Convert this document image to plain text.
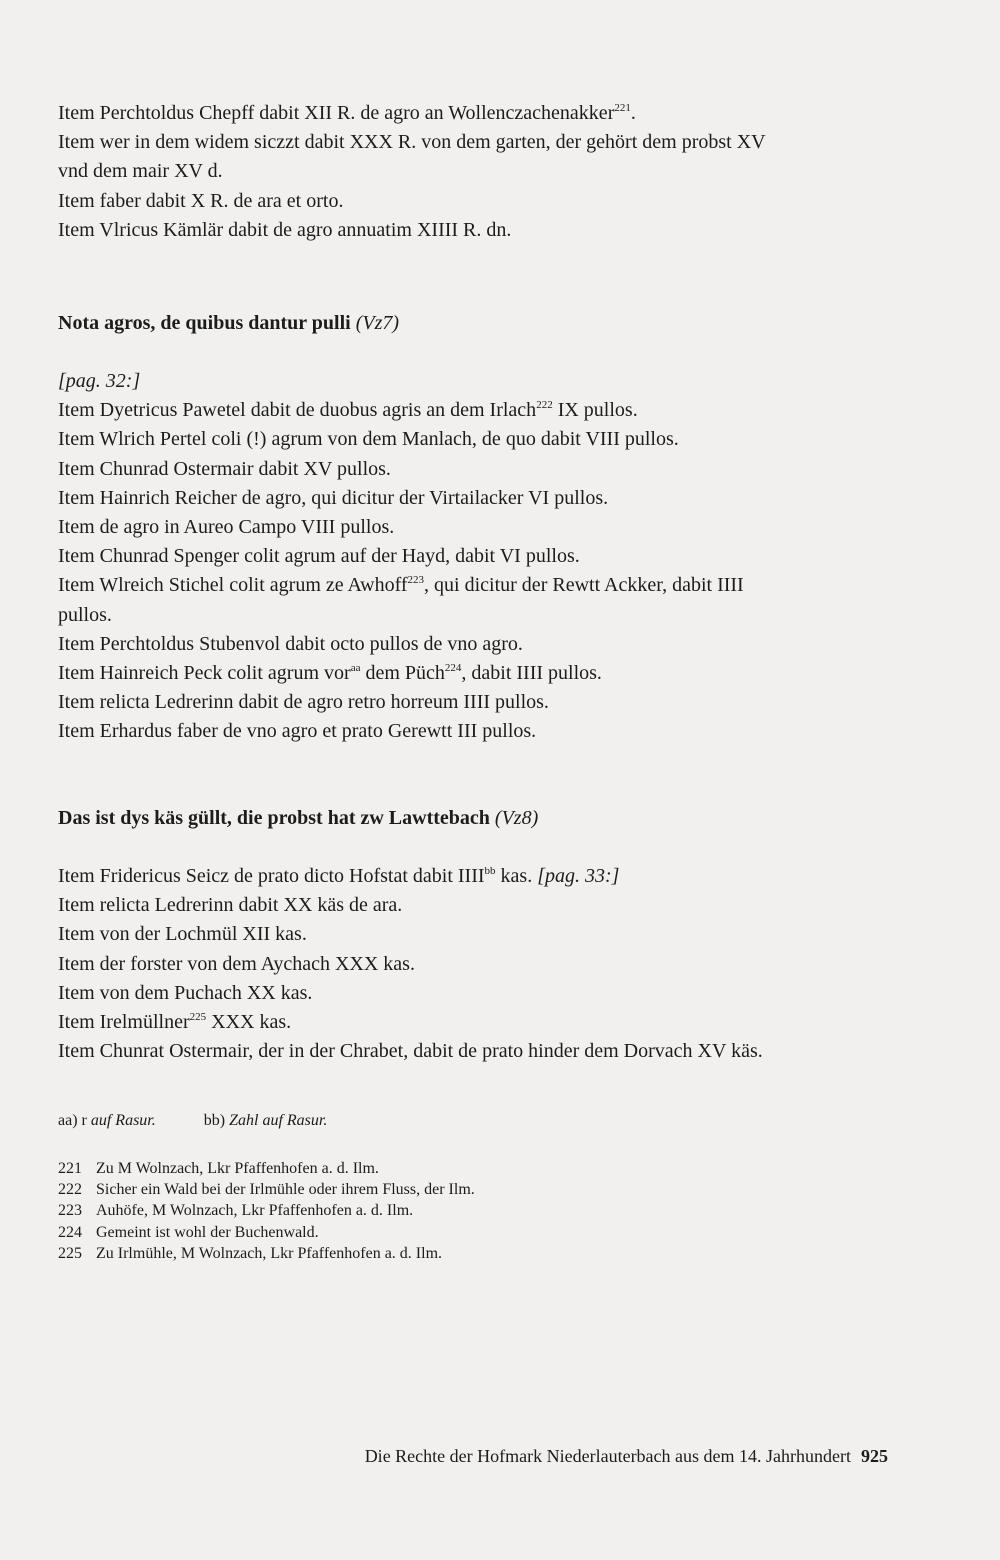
Item Perchtoldus Chepff dabit XII R. de agro an Wollenczachenakker$^{221}$.

Item wer in dem widem siczzt dabit XXX R. von dem garten, der gehört dem probst XV

vnd dem mair XV d.

Item faber dabit X R. de ara et orto.

Item Vlricus Kämlär dabit de agro annuatim XIIII R. dn.

Nota agros, de quibus dantur pulli (Vz7)

[pag. 32:]

Item Dyetricus Pawetel dabit de duobus agris an dem Irlach$^{222}$ IX pullos.

Item Wlrich Pertel coli (!) agrum von dem Manlach, de quo dabit VIII pullos.

Item Chunrad Ostermair dabit XV pullos.

Item Hainrich Reicher de agro, qui dicitur der Virtailacker VI pullos.

Item de agro in Aureo Campo VIII pullos.

Item Chunrad Spenger colit agrum auf der Hayd, dabit VI pullos.

Item Wlreich Stichel colit agrum ze Awhoff$^{223}$, qui dicitur der Rewtt Ackker, dabit IIII

pullos.

Item Perchtoldus Stubenvol dabit octo pullos de vno agro.

Item Hainreich Peck colit agrum vor$^{aa}$ dem Püch$^{224}$, dabit IIII pullos.

Item relicta Ledrerinn dabit de agro retro horreum IIII pullos.

Item Erhardus faber de vno agro et prato Gerewtt III pullos.

Das ist dys käs güllt, die probst hat zw Lawttebach (Vz8)

Item Fridericus Seicz de prato dicto Hofstat dabit $IIII^{bb}$ kas. [pag. 33:]

Item relicta Ledrerinn dabit XX käs de ara.

Item von der Lochmül XII kas.

Item der forster von dem Aychach XXX kas.

Item von dem Puchach XX kas.

Item Irelmüllner$^{225}$ XXX kas.

Item Chunrat Ostermair, der in der Chrabet, dabit de prato hinder dem Dorvach XV käs.

aa) r auf Rasur.	bb) Zahl auf Rasur.
221 Zu M Wolnzach, Lkr Pfaffenhofen a. d. Ilm.
222 Sicher ein Wald bei der Irlmühle oder ihrem Fluss, der Ilm.
223 Auhöfe, M Wolnzach, Lkr Pfaffenhofen a. d. Ilm.
224 Gemeint ist wohl der Buchenwald.
225 Zu Irlmühle, M Wolnzach, Lkr Pfaffenhofen a. d. Ilm.
Die Rechte der Hofmark Niederlauterbach aus dem 14. Jahrhundert 925
